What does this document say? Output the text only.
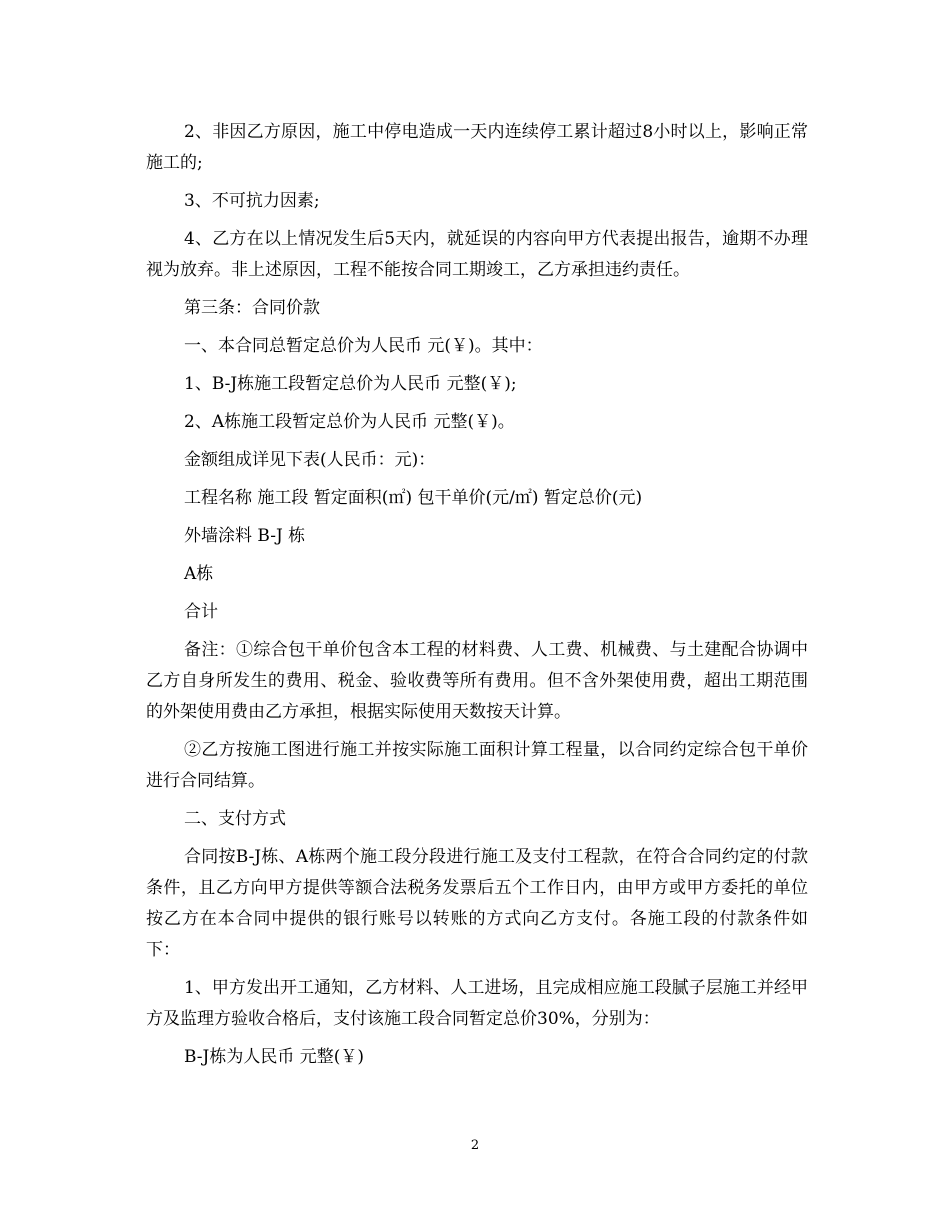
2、非因乙方原因，施工中停电造成一天内连续停工累计超过8小时以上，影响正常施工的;

3、不可抗力因素;

4、乙方在以上情况发生后5天内，就延误的内容向甲方代表提出报告，逾期不办理视为放弃。非上述原因，工程不能按合同工期竣工，乙方承担违约责任。

第三条：合同价款

一、本合同总暂定总价为人民币 元(￥)。其中：

1、B-J栋施工段暂定总价为人民币 元整(￥);

2、A栋施工段暂定总价为人民币 元整(￥)。

金额组成详见下表(人民币：元)：

工程名称 施工段 暂定面积(㎡) 包干单价(元/㎡) 暂定总价(元)

外墙涂料 B-J 栋

A栋

合计

备注：①综合包干单价包含本工程的材料费、人工费、机械费、与土建配合协调中乙方自身所发生的费用、税金、验收费等所有费用。但不含外架使用费，超出工期范围的外架使用费由乙方承担，根据实际使用天数按天计算。

②乙方按施工图进行施工并按实际施工面积计算工程量，以合同约定综合包干单价进行合同结算。

二、支付方式

合同按B-J栋、A栋两个施工段分段进行施工及支付工程款，在符合合同约定的付款条件，且乙方向甲方提供等额合法税务发票后五个工作日内，由甲方或甲方委托的单位按乙方在本合同中提供的银行账号以转账的方式向乙方支付。各施工段的付款条件如下：

1、甲方发出开工通知，乙方材料、人工进场，且完成相应施工段腻子层施工并经甲方及监理方验收合格后，支付该施工段合同暂定总价30%，分别为：

B-J栋为人民币 元整(￥)

2
